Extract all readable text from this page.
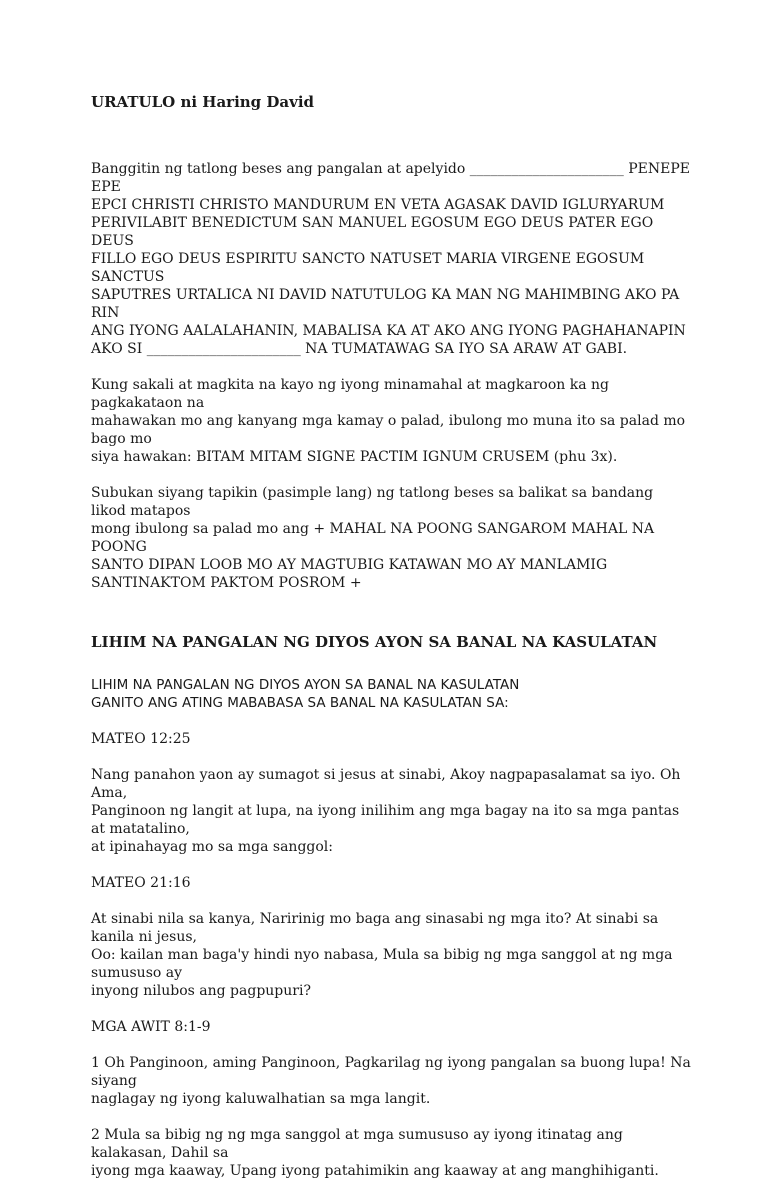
URATULO ni Haring David

Banggitin ng tatlong beses ang pangalan at apelyido ______________________ PENEPE EPE
EPCI CHRISTI CHRISTO MANDURUM EN VETA AGASAK DAVID IGLURYARUM
PERIVILABIT BENEDICTUM SAN MANUEL EGOSUM EGO DEUS PATER EGO DEUS
FILLO EGO DEUS ESPIRITU SANCTO NATUSET MARIA VIRGENE EGOSUM SANCTUS
SAPUTRES URTALICA NI DAVID NATUTULOG KA MAN NG MAHIMBING AKO PA RIN
ANG IYONG AALALAHANIN, MABALISA KA AT AKO ANG IYONG PAGHAHANAPIN
AKO SI ______________________ NA TUMATAWAG SA IYO SA ARAW AT GABI.

Kung sakali at magkita na kayo ng iyong minamahal at magkaroon ka ng pagkakataon na
mahawakan mo ang kanyang mga kamay o palad, ibulong mo muna ito sa palad mo bago mo
siya hawakan: BITAM MITAM SIGNE PACTIM IGNUM CRUSEM (phu 3x).

Subukan siyang tapikin (pasimple lang) ng tatlong beses sa balikat sa bandang likod matapos
mong ibulong sa palad mo ang + MAHAL NA POONG SANGAROM MAHAL NA POONG
SANTO DIPAN LOOB MO AY MAGTUBIG KATAWAN MO AY MANLAMIG
SANTINAKTOM PAKTOM POSROM +

LIHIM NA PANGALAN NG DIYOS AYON SA BANAL NA KASULATAN

LIHIM NA PANGALAN NG DIYOS AYON SA BANAL NA KASULATAN
GANITO ANG ATING MABABASA SA BANAL NA KASULATAN SA:

MATEO 12:25

Nang panahon yaon ay sumagot si jesus at sinabi, Akoy nagpapasalamat sa iyo. Oh Ama,
Panginoon ng langit at lupa, na iyong inilihim ang mga bagay na ito sa mga pantas at matatalino,
at ipinahayag mo sa mga sanggol:

MATEO 21:16

At sinabi nila sa kanya, Naririnig mo baga ang sinasabi ng mga ito? At sinabi sa kanila ni jesus,
Oo: kailan man baga'y hindi nyo nabasa, Mula sa bibig ng mga sanggol at ng mga sumususo ay
inyong nilubos ang pagpupuri?

MGA AWIT 8:1-9

1 Oh Panginoon, aming Panginoon, Pagkarilag ng iyong pangalan sa buong lupa! Na siyang
naglagay ng iyong kaluwalhatian sa mga langit.

2 Mula sa bibig ng ng mga sanggol at mga sumususo ay iyong itinatag ang kalakasan, Dahil sa
iyong mga kaaway, Upang iyong patahimikin ang kaaway at ang manghihiganti.
